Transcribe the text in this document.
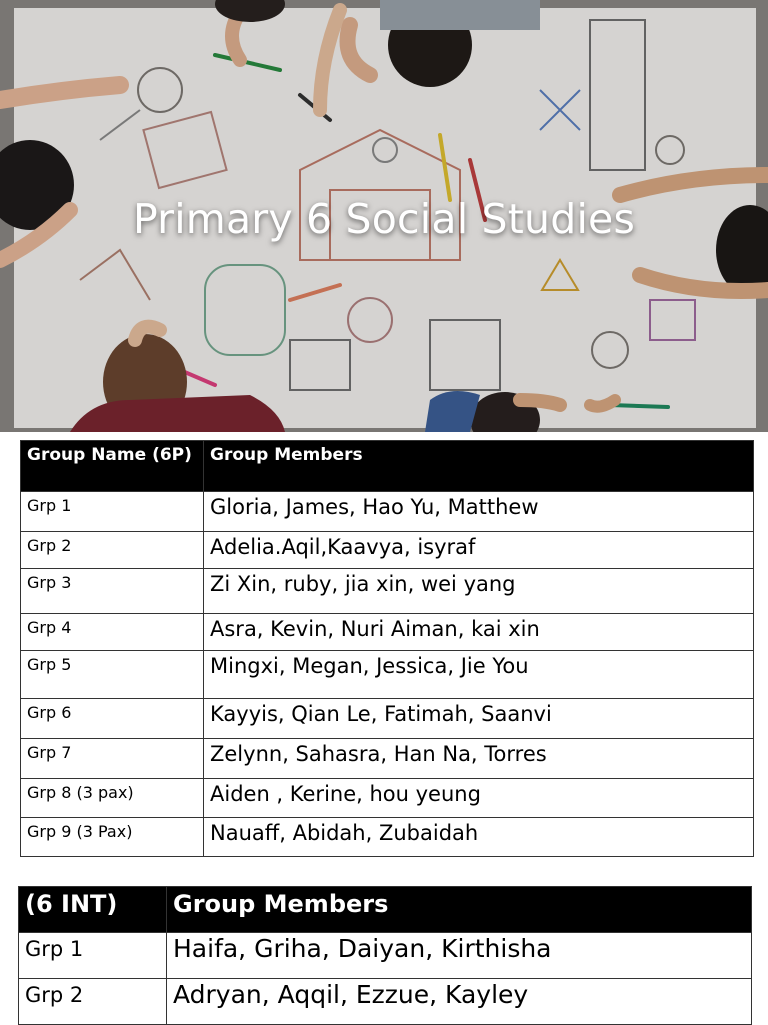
Primary 6 Social Studies
Group Name (6P)	Group Members
Grp 1	Gloria, James, Hao Yu, Matthew
Grp 2	Adelia.Aqil,Kaavya, isyraf
Grp 3	Zi Xin, ruby, jia xin, wei yang
Grp 4	Asra, Kevin, Nuri Aiman, kai xin
Grp 5	Mingxi, Megan, Jessica, Jie You
Grp 6	Kayyis, Qian Le, Fatimah, Saanvi
Grp 7	Zelynn, Sahasra, Han Na, Torres
Grp 8 (3 pax)	Aiden , Kerine, hou yeung
Grp 9 (3 Pax)	Nauaff, Abidah, Zubaidah
(6 INT)	Group Members
Grp 1	Haifa, Griha, Daiyan, Kirthisha
Grp 2	Adryan, Aqqil, Ezzue, Kayley
